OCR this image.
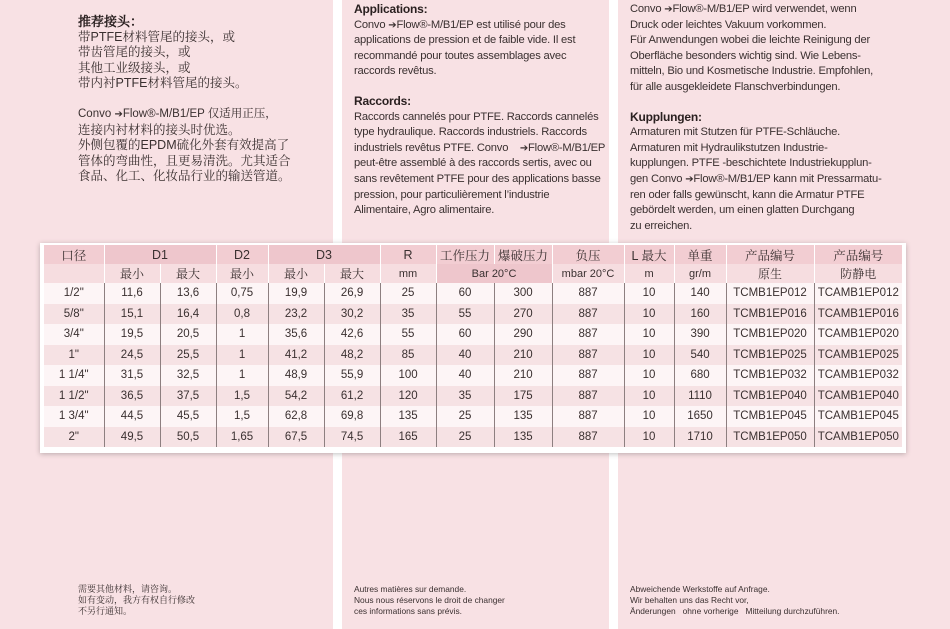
推荐接头：
带PTFE材料管尾的接头，或
带齿管尾的接头，或
其他工业级接头，或
带内衬PTFE材料管尾的接头。
Convo ➔Flow®-M/B1/EP 仅适用正压，
连接内衬材料的接头时优选。
外侧包覆的EPDM硫化外套有效提高了
管体的弯曲性，且更易清洗。尤其适合
食品、化工、化妆品行业的输送管道。
Applications:
Convo ➔Flow®-M/B1/EP est utilisé pour des
applications de pression et de faible vide. Il est
recommandé pour toutes assemblages avec
raccords revêtus.
Raccords:
Raccords cannelés pour PTFE. Raccords cannelés
type hydraulique. Raccords industriels. Raccords
industriels revêtus PTFE. Convo    ➔Flow®-M/B1/EP
peut-être assemblé à des raccords sertis, avec ou
sans revêtement PTFE pour des applications basse
pression, pour particulièrement l’industrie
Alimentaire, Agro alimentaire.
Convo ➔Flow®-M/B1/EP wird verwendet, wenn
Druck oder leichtes Vakuum vorkommen.
Für Anwendungen wobei die leichte Reinigung der
Oberfläche besonders wichtig sind. Wie Lebens-
mitteln, Bio und Kosmetische Industrie. Empfohlen,
für alle ausgekleidete Flanschverbindungen.
Kupplungen:
Armaturen mit Stutzen für PTFE-Schläuche.
Armaturen mit Hydraulikstutzen Industrie-
kupplungen. PTFE -beschichtete Industriekupplun-
gen Convo ➔Flow®-M/B1/EP kann mit Pressarmatu-
ren oder falls gewünscht, kann die Armatur PTFE
gebördelt werden, um einen glatten Durchgang
zu erreichen.
口径	D1		D2	D3		R	工作压力	爆破压力	负压	L 最大	单重	产品编号	产品编号
	最小	最大	最小	最小	最大	mm	Bar 20°C		mbar 20°C	m	gr/m	原生	防静电
1/2"	11,6	13,6	0,75	19,9	26,9	25	60	300	887	10	140	TCMB1EP012	TCAMB1EP012
5/8"	15,1	16,4	0,8	23,2	30,2	35	55	270	887	10	160	TCMB1EP016	TCAMB1EP016
3/4"	19,5	20,5	1	35,6	42,6	55	60	290	887	10	390	TCMB1EP020	TCAMB1EP020
1"	24,5	25,5	1	41,2	48,2	85	40	210	887	10	540	TCMB1EP025	TCAMB1EP025
1 1/4"	31,5	32,5	1	48,9	55,9	100	40	210	887	10	680	TCMB1EP032	TCAMB1EP032
1 1/2"	36,5	37,5	1,5	54,2	61,2	120	35	175	887	10	1110	TCMB1EP040	TCAMB1EP040
1 3/4"	44,5	45,5	1,5	62,8	69,8	135	25	135	887	10	1650	TCMB1EP045	TCAMB1EP045
2"	49,5	50,5	1,65	67,5	74,5	165	25	135	887	10	1710	TCMB1EP050	TCAMB1EP050
需要其他材料，请咨询。
如有变动，我方有权自行修改
不另行通知。
Autres matières sur demande.
Nous nous réservons le droit de changer
ces informations sans prévis.
Abweichende Werkstoffe auf Anfrage.
Wir behalten uns das Recht vor,
Änderungen   ohne vorherige   Mitteilung durchzuführen.
